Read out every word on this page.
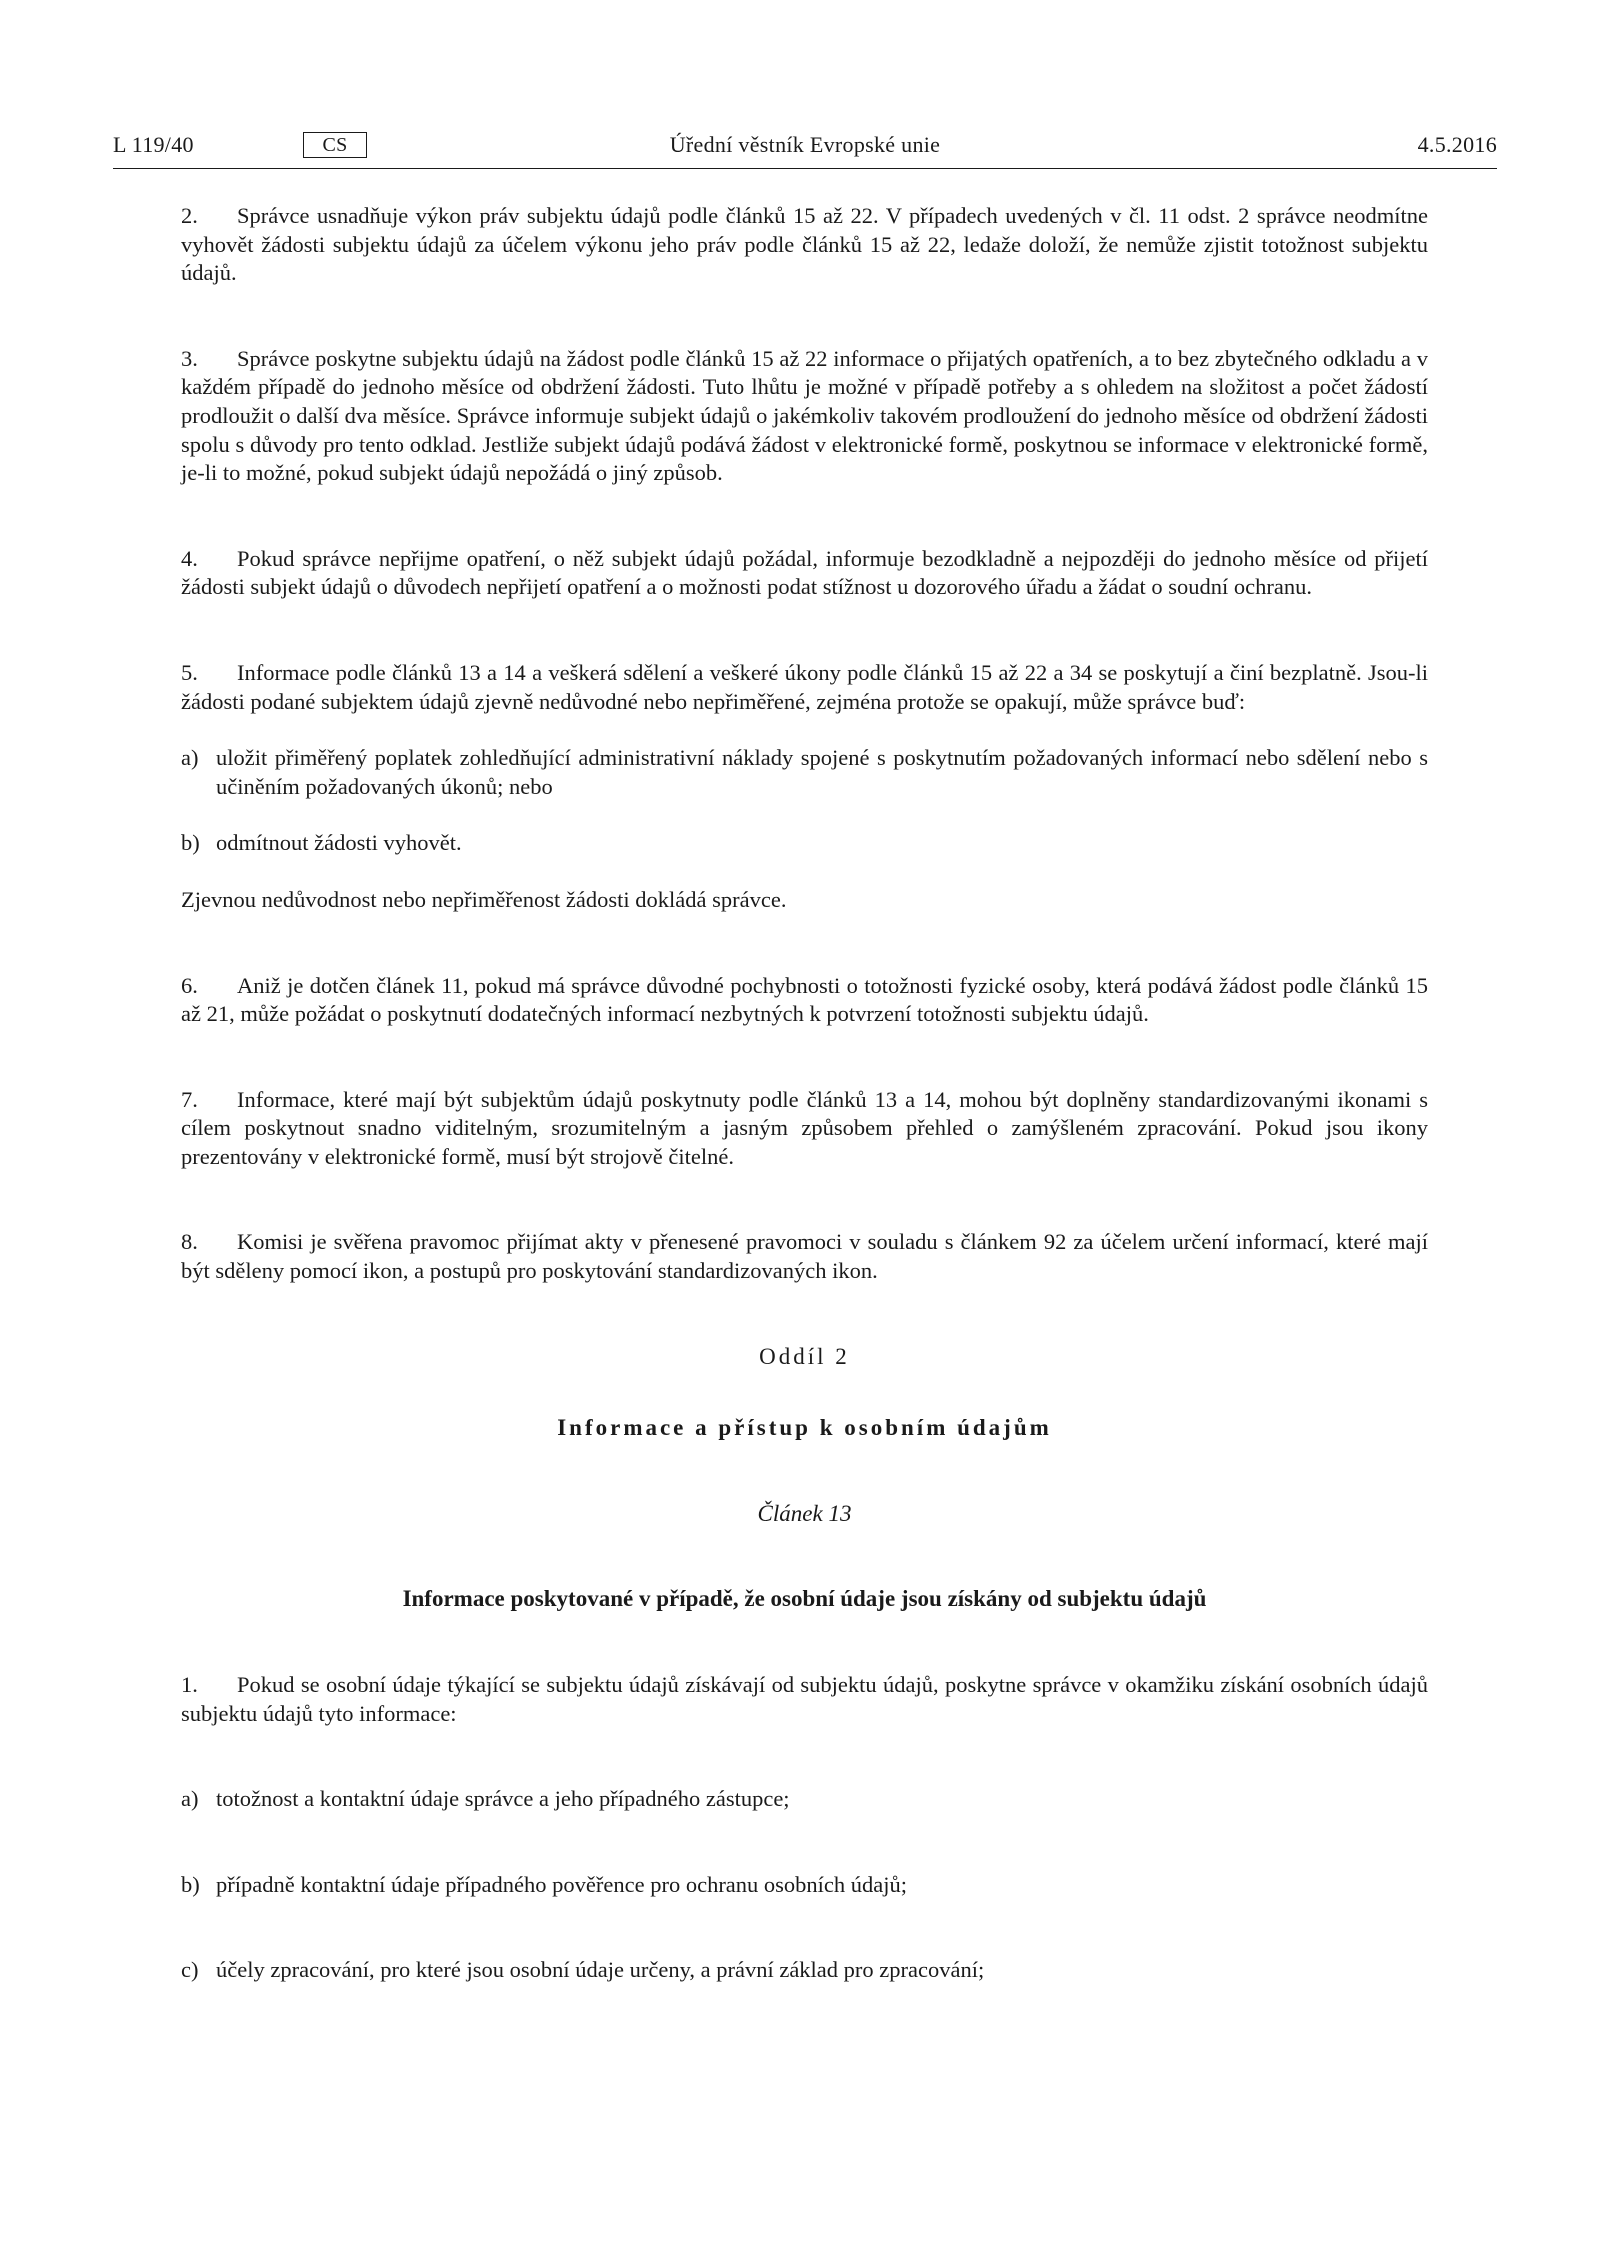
L 119/40	CS	Úřední věstník Evropské unie	4.5.2016

2. Správce usnadňuje výkon práv subjektu údajů podle článků 15 až 22. V případech uvedených v čl. 11 odst. 2 správce neodmítne vyhovět žádosti subjektu údajů za účelem výkonu jeho práv podle článků 15 až 22, ledaže doloží, že nemůže zjistit totožnost subjektu údajů.

3. Správce poskytne subjektu údajů na žádost podle článků 15 až 22 informace o přijatých opatřeních, a to bez zbytečného odkladu a v každém případě do jednoho měsíce od obdržení žádosti. Tuto lhůtu je možné v případě potřeby a s ohledem na složitost a počet žádostí prodloužit o další dva měsíce. Správce informuje subjekt údajů o jakémkoliv takovém prodloužení do jednoho měsíce od obdržení žádosti spolu s důvody pro tento odklad. Jestliže subjekt údajů podává žádost v elektronické formě, poskytnou se informace v elektronické formě, je-li to možné, pokud subjekt údajů nepožádá o jiný způsob.

4. Pokud správce nepřijme opatření, o něž subjekt údajů požádal, informuje bezodkladně a nejpozději do jednoho měsíce od přijetí žádosti subjekt údajů o důvodech nepřijetí opatření a o možnosti podat stížnost u dozorového úřadu a žádat o soudní ochranu.

5. Informace podle článků 13 a 14 a veškerá sdělení a veškeré úkony podle článků 15 až 22 a 34 se poskytují a činí bezplatně. Jsou-li žádosti podané subjektem údajů zjevně nedůvodné nebo nepřiměřené, zejména protože se opakují, může správce buď:

a) uložit přiměřený poplatek zohledňující administrativní náklady spojené s poskytnutím požadovaných informací nebo sdělení nebo s učiněním požadovaných úkonů; nebo

b) odmítnout žádosti vyhovět.

Zjevnou nedůvodnost nebo nepřiměřenost žádosti dokládá správce.

6. Aniž je dotčen článek 11, pokud má správce důvodné pochybnosti o totožnosti fyzické osoby, která podává žádost podle článků 15 až 21, může požádat o poskytnutí dodatečných informací nezbytných k potvrzení totožnosti subjektu údajů.

7. Informace, které mají být subjektům údajů poskytnuty podle článků 13 a 14, mohou být doplněny standardizovanými ikonami s cílem poskytnout snadno viditelným, srozumitelným a jasným způsobem přehled o zamýšleném zpracování. Pokud jsou ikony prezentovány v elektronické formě, musí být strojově čitelné.

8. Komisi je svěřena pravomoc přijímat akty v přenesené pravomoci v souladu s článkem 92 za účelem určení informací, které mají být sděleny pomocí ikon, a postupů pro poskytování standardizovaných ikon.

Oddíl 2

Informace a přístup k osobním údajům

Článek 13

Informace poskytované v případě, že osobní údaje jsou získány od subjektu údajů

1. Pokud se osobní údaje týkající se subjektu údajů získávají od subjektu údajů, poskytne správce v okamžiku získání osobních údajů subjektu údajů tyto informace:

a) totožnost a kontaktní údaje správce a jeho případného zástupce;

b) případně kontaktní údaje případného pověřence pro ochranu osobních údajů;

c) účely zpracování, pro které jsou osobní údaje určeny, a právní základ pro zpracování;
